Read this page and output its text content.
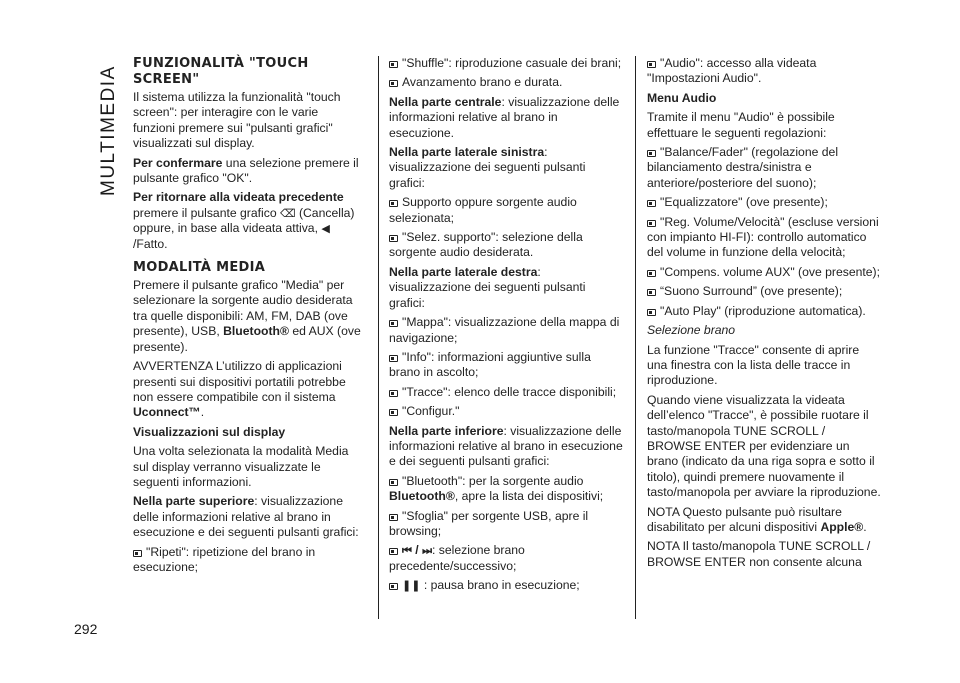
MULTIMEDIA
FUNZIONALITÀ "TOUCH SCREEN"

Il sistema utilizza la funzionalità "touch screen": per interagire con le varie funzioni premere sui "pulsanti grafici" visualizzati sul display.

Per confermare una selezione premere il pulsante grafico "OK".

Per ritornare alla videata precedente
premere il pulsante grafico ⌫ (Cancella) oppure, in base alla videata attiva, ◀
/Fatto.

MODALITÀ MEDIA

Premere il pulsante grafico "Media" per selezionare la sorgente audio desiderata tra quelle disponibili: AM, FM, DAB (ove presente), USB, Bluetooth® ed AUX (ove presente).

AVVERTENZA L’utilizzo di applicazioni presenti sui dispositivi portatili potrebbe non essere compatibile con il sistema Uconnect™.

Visualizzazioni sul display

Una volta selezionata la modalità Media sul display verranno visualizzate le seguenti informazioni.

Nella parte superiore: visualizzazione delle informazioni relative al brano in esecuzione e dei seguenti pulsanti grafici:

"Ripeti": ripetizione del brano in esecuzione;

"Shuffle": riproduzione casuale dei brani;

Avanzamento brano e durata.

Nella parte centrale: visualizzazione delle informazioni relative al brano in esecuzione.

Nella parte laterale sinistra: visualizzazione dei seguenti pulsanti grafici:

Supporto oppure sorgente audio selezionata;

"Selez. supporto": selezione della sorgente audio desiderata.

Nella parte laterale destra: visualizzazione dei seguenti pulsanti grafici:

"Mappa": visualizzazione della mappa di navigazione;

"Info": informazioni aggiuntive sulla brano in ascolto;

"Tracce": elenco delle tracce disponibili;

"Configur."

Nella parte inferiore: visualizzazione delle informazioni relative al brano in esecuzione e dei seguenti pulsanti grafici:

"Bluetooth": per la sorgente audio Bluetooth®, apre la lista dei dispositivi;

"Sfoglia" per sorgente USB, apre il browsing;

⏮ / ⏭: selezione brano precedente/successivo;

❚❚ : pausa brano in esecuzione;

"Audio": accesso alla videata "Impostazioni Audio".

Menu Audio

Tramite il menu "Audio" è possibile effettuare le seguenti regolazioni:

"Balance/Fader" (regolazione del bilanciamento destra/sinistra e anteriore/posteriore del suono);

"Equalizzatore" (ove presente);

"Reg. Volume/Velocità" (escluse versioni con impianto HI-FI): controllo automatico del volume in funzione della velocità;

"Compens. volume AUX" (ove presente);

“Suono Surround” (ove presente);

"Auto Play" (riproduzione automatica).

Selezione brano

La funzione "Tracce" consente di aprire una finestra con la lista delle tracce in riproduzione.

Quando viene visualizzata la videata dell’elenco "Tracce", è possibile ruotare il tasto/manopola TUNE SCROLL / BROWSE ENTER per evidenziare un brano (indicato da una riga sopra e sotto il titolo), quindi premere nuovamente il tasto/manopola per avviare la riproduzione.

NOTA Questo pulsante può risultare disabilitato per alcuni dispositivi Apple®.

NOTA Il tasto/manopola TUNE SCROLL / BROWSE ENTER non consente alcuna

292
